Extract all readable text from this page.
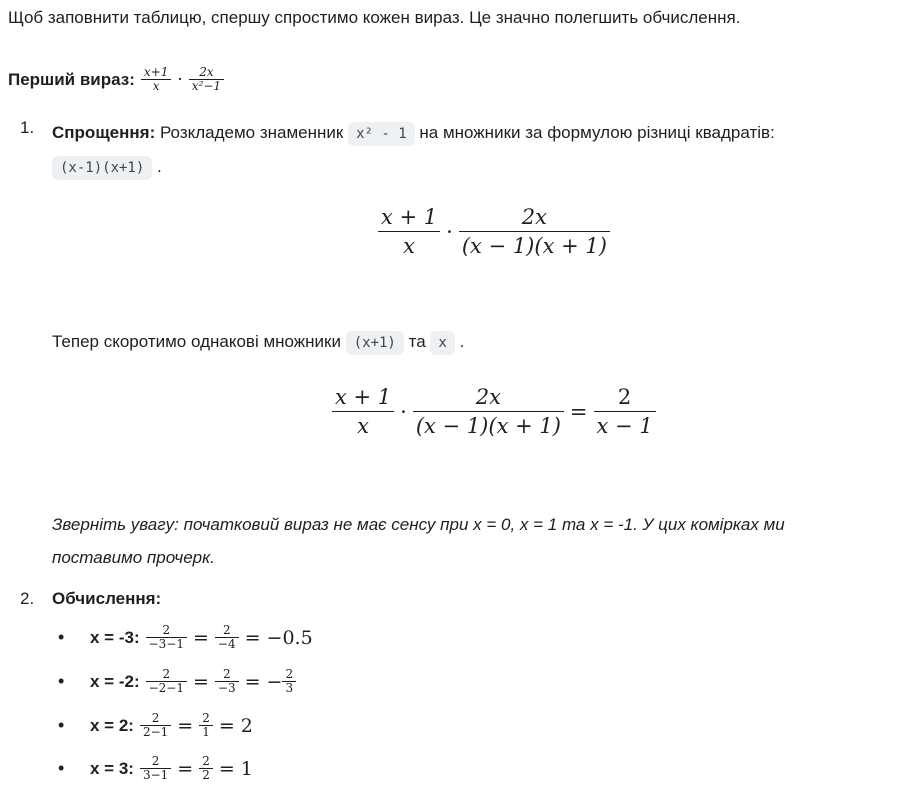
Щоб заповнити таблицю, спершу спростимо кожен вираз. Це значно полегшить обчислення.
Перший вираз: $\frac{x+1}{x} \cdot \frac{2x}{\text{x²−1}}$
1. Спрощення: Розкладемо знаменник x² - 1 на множники за формулою різниці квадратів:
(x-1)(x+1) .
$\frac{x + 1}{x} \cdot \frac{2x}{(x - 1)(x + 1)}$
Тепер скоротимо однакові множники (x+1) та x .
$\frac{x + 1}{x} \cdot \frac{2x}{(x - 1)(x + 1)} = \frac{2}{x - 1}$
Зверніть увагу: початковий вираз не має сенсу при x = 0, x = 1 та x = -1. У цих комірках ми
поставимо прочерк.
2. Обчислення:
•	x = -3: $\frac{2}{-3-1} = \frac{2}{-4} = -0.5$
•	x = -2: $\frac{2}{-2-1} = \frac{2}{-3}$ = − $\frac{2}{3}$
•	x = 2: $\frac{2}{2-1} = \frac{2}{1} = 2$
•	x = 3: $\frac{2}{3-1} = \frac{2}{2} = 1$
